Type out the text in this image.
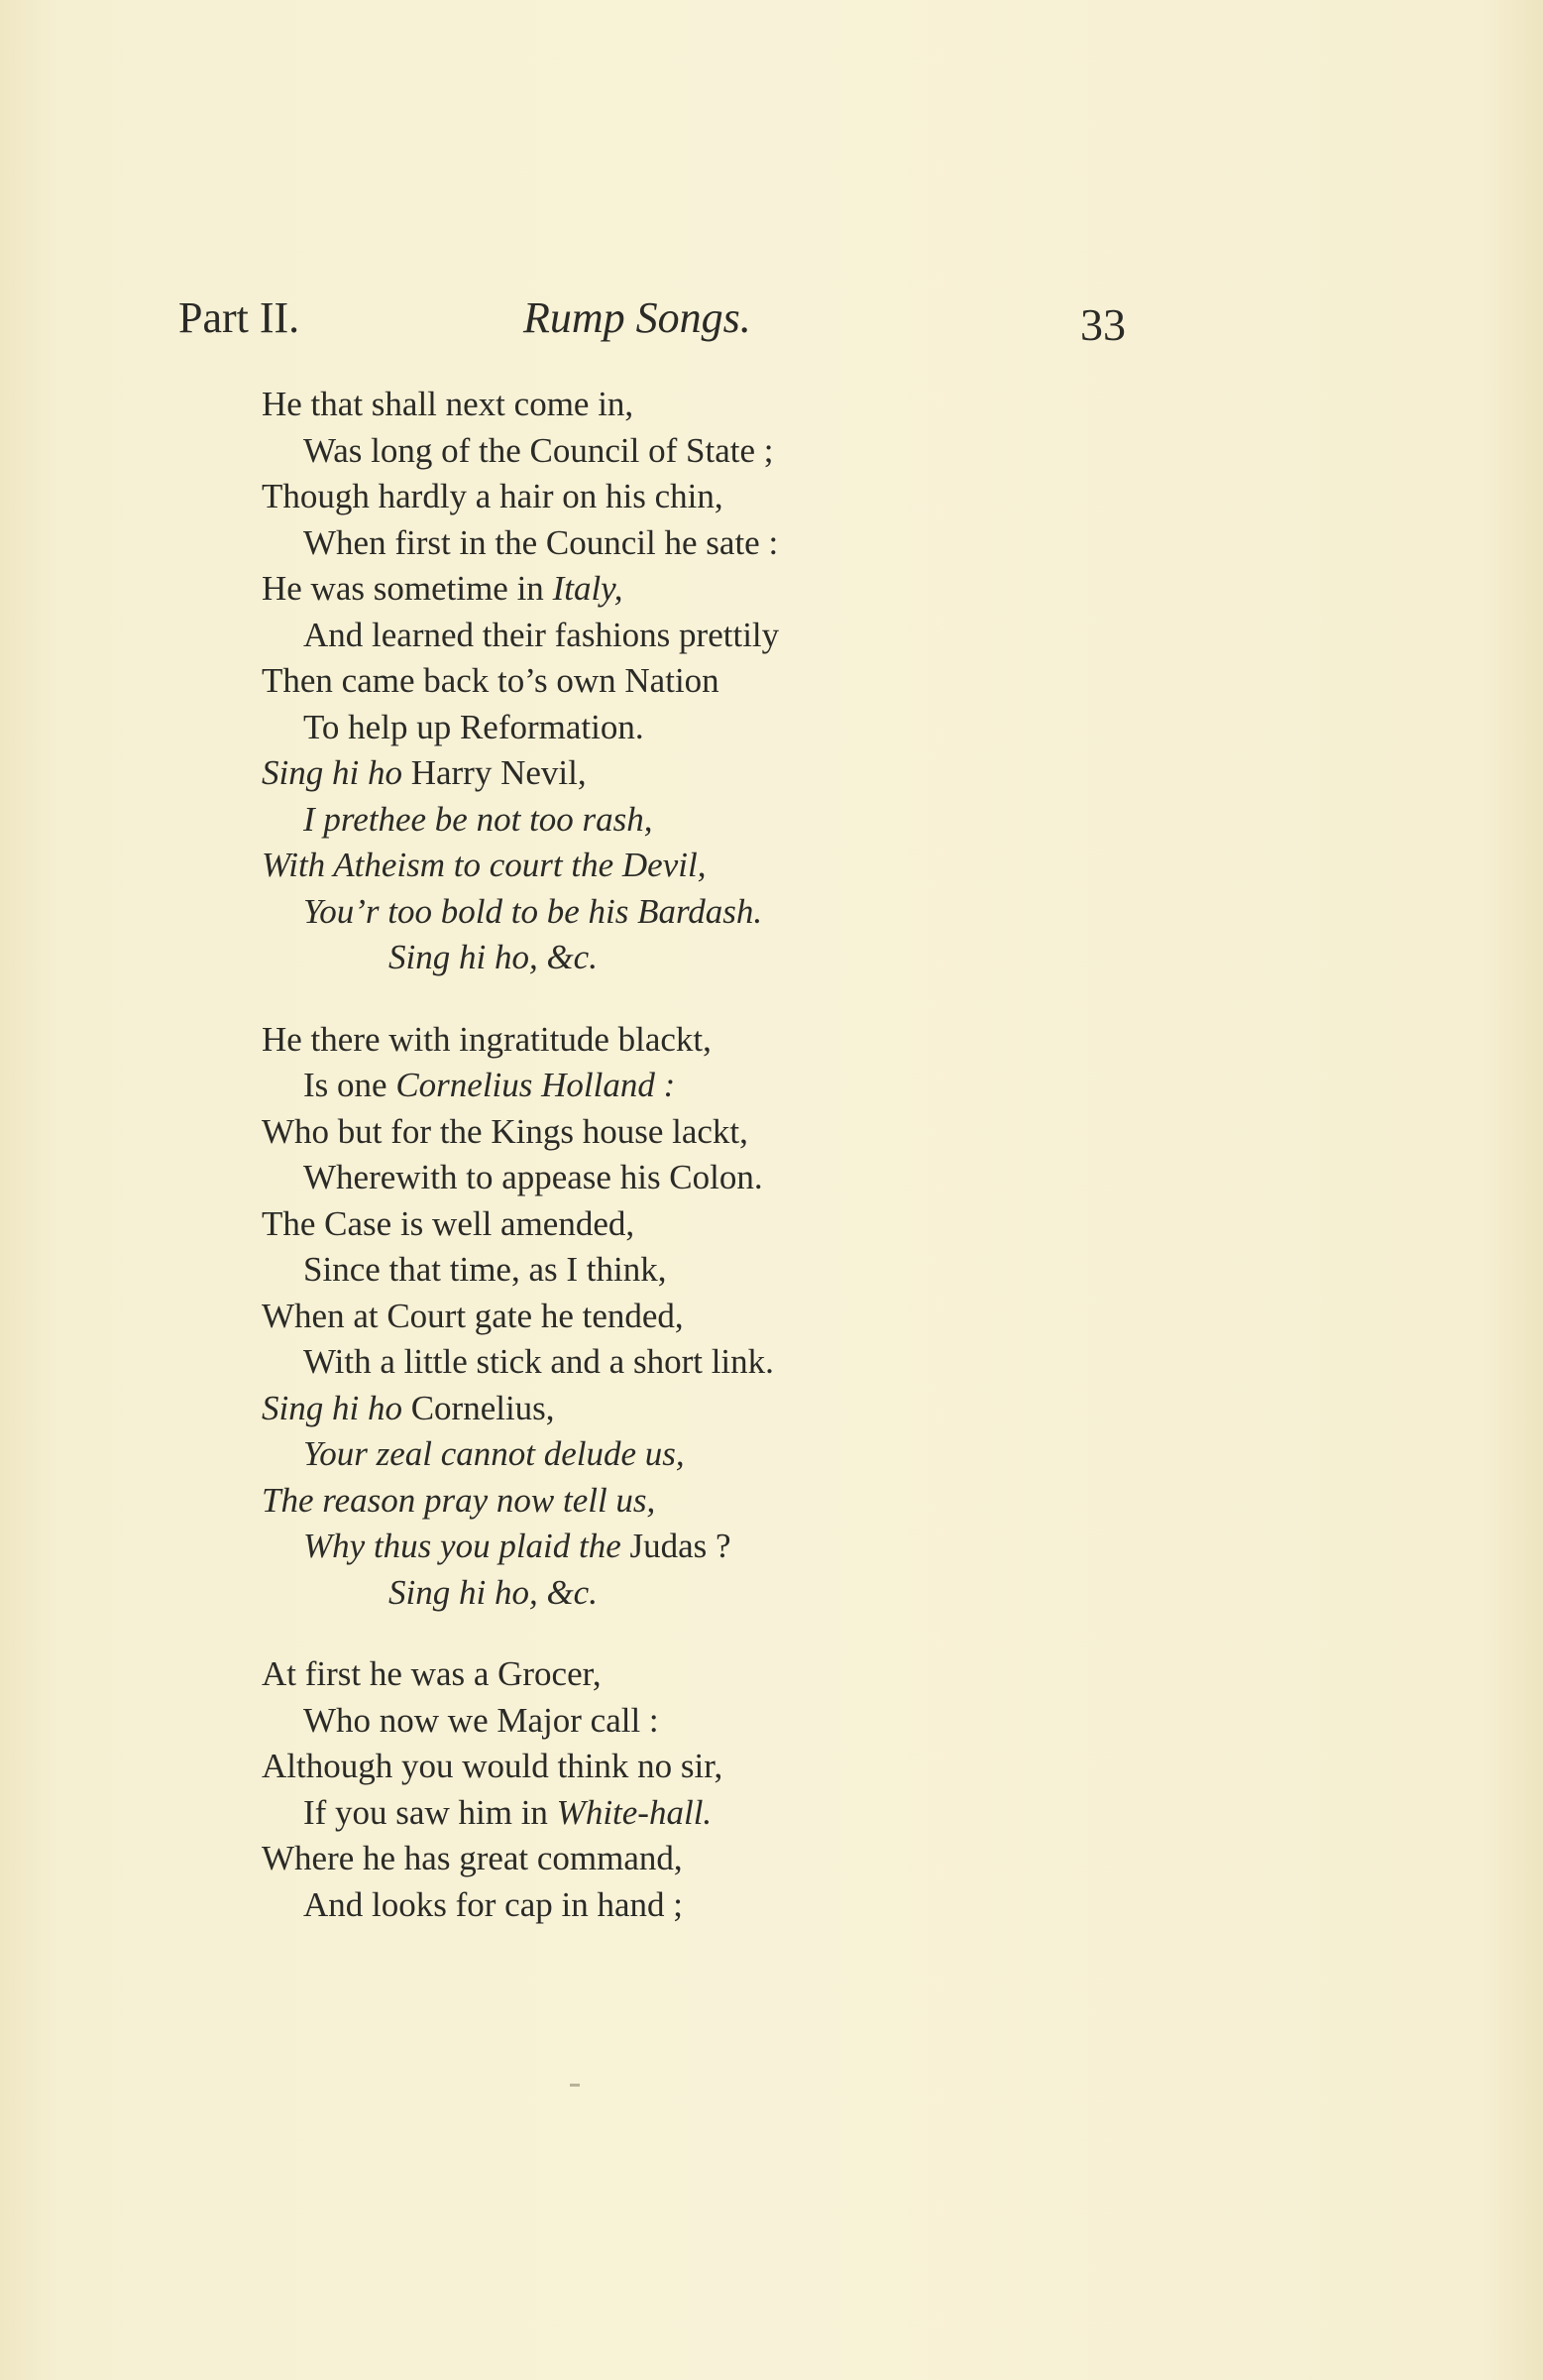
Part II.	Rump Songs.	33
He that shall next come in,
Was long of the Council of State ;
Though hardly a hair on his chin,
When first in the Council he sate :
He was sometime in Italy,
And learned their fashions prettily
Then came back to’s own Nation
To help up Reformation.
Sing hi ho Harry Nevil,
I prethee be not too rash,
With Atheism to court the Devil,
You’r too bold to be his Bardash.
Sing hi ho, &c.
He there with ingratitude blackt,
Is one Cornelius Holland :
Who but for the Kings house lackt,
Wherewith to appease his Colon.
The Case is well amended,
Since that time, as I think,
When at Court gate he tended,
With a little stick and a short link.
Sing hi ho Cornelius,
Your zeal cannot delude us,
The reason pray now tell us,
Why thus you plaid the Judas ?
Sing hi ho, &c.
At first he was a Grocer,
Who now we Major call :
Although you would think no sir,
If you saw him in White-hall.
Where he has great command,
And looks for cap in hand ;
